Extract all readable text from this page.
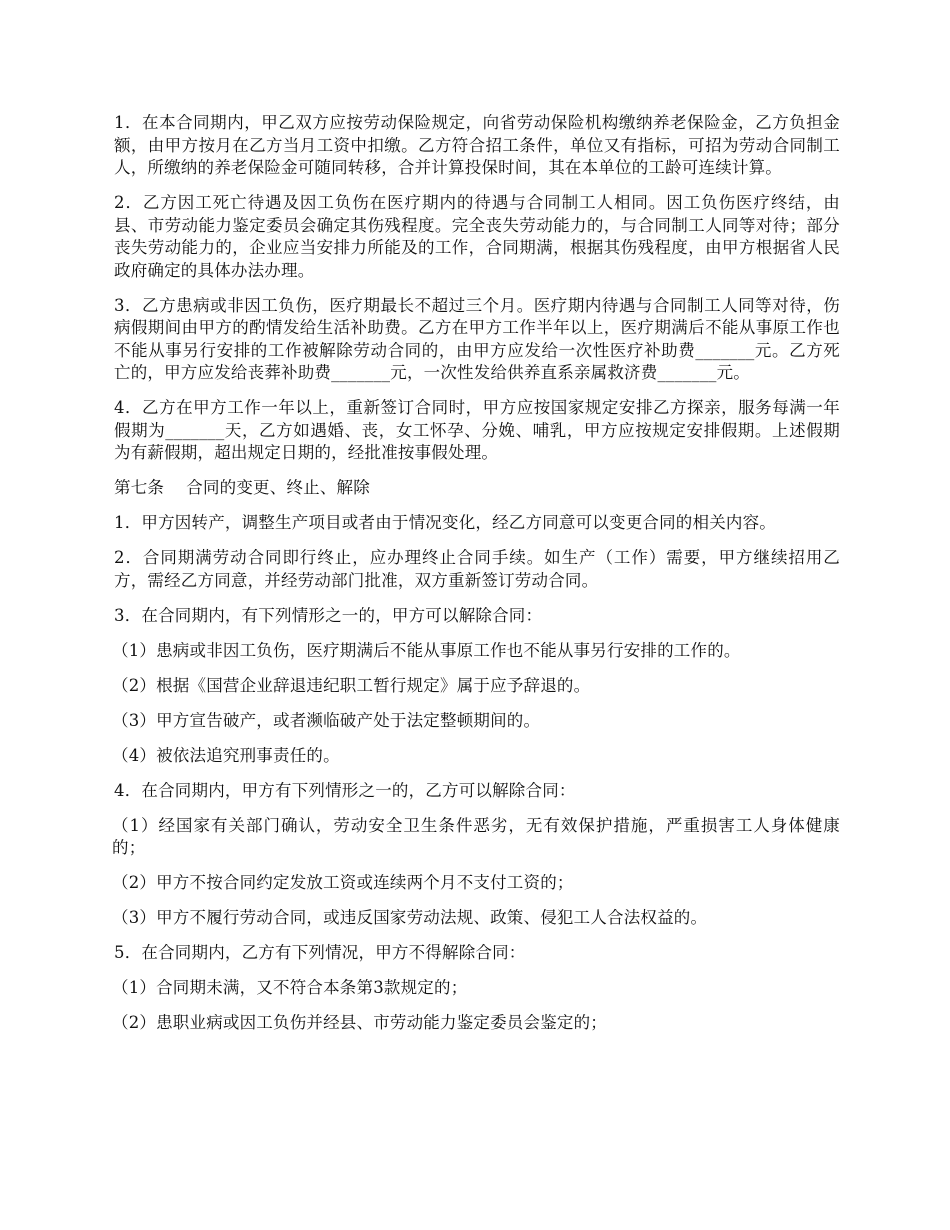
1．在本合同期内，甲乙双方应按劳动保险规定，向省劳动保险机构缴纳养老保险金，乙方负担金额，由甲方按月在乙方当月工资中扣缴。乙方符合招工条件，单位又有指标，可招为劳动合同制工人，所缴纳的养老保险金可随同转移，合并计算投保时间，其在本单位的工龄可连续计算。

2．乙方因工死亡待遇及因工负伤在医疗期内的待遇与合同制工人相同。因工负伤医疗终结，由县、市劳动能力鉴定委员会确定其伤残程度。完全丧失劳动能力的，与合同制工人同等对待；部分丧失劳动能力的，企业应当安排力所能及的工作，合同期满，根据其伤残程度，由甲方根据省人民政府确定的具体办法办理。

3．乙方患病或非因工负伤，医疗期最长不超过三个月。医疗期内待遇与合同制工人同等对待，伤病假期间由甲方的酌情发给生活补助费。乙方在甲方工作半年以上，医疗期满后不能从事原工作也不能从事另行安排的工作被解除劳动合同的，由甲方应发给一次性医疗补助费_______元。乙方死亡的，甲方应发给丧葬补助费_______元，一次性发给供养直系亲属救济费_______元。

4．乙方在甲方工作一年以上，重新签订合同时，甲方应按国家规定安排乙方探亲，服务每满一年假期为_______天，乙方如遇婚、丧，女工怀孕、分娩、哺乳，甲方应按规定安排假期。上述假期为有薪假期，超出规定日期的，经批准按事假处理。

第七条　 合同的变更、终止、解除

1．甲方因转产，调整生产项目或者由于情况变化，经乙方同意可以变更合同的相关内容。

2．合同期满劳动合同即行终止，应办理终止合同手续。如生产（工作）需要，甲方继续招用乙方，需经乙方同意，并经劳动部门批准，双方重新签订劳动合同。

3．在合同期内，有下列情形之一的，甲方可以解除合同：

（1）患病或非因工负伤，医疗期满后不能从事原工作也不能从事另行安排的工作的。

（2）根据《国营企业辞退违纪职工暂行规定》属于应予辞退的。

（3）甲方宣告破产，或者濒临破产处于法定整顿期间的。

（4）被依法追究刑事责任的。

4．在合同期内，甲方有下列情形之一的，乙方可以解除合同：

（1）经国家有关部门确认，劳动安全卫生条件恶劣，无有效保护措施，严重损害工人身体健康的；

（2）甲方不按合同约定发放工资或连续两个月不支付工资的；

（3）甲方不履行劳动合同，或违反国家劳动法规、政策、侵犯工人合法权益的。

5．在合同期内，乙方有下列情况，甲方不得解除合同：

（1）合同期未满，又不符合本条第3款规定的；

（2）患职业病或因工负伤并经县、市劳动能力鉴定委员会鉴定的；
